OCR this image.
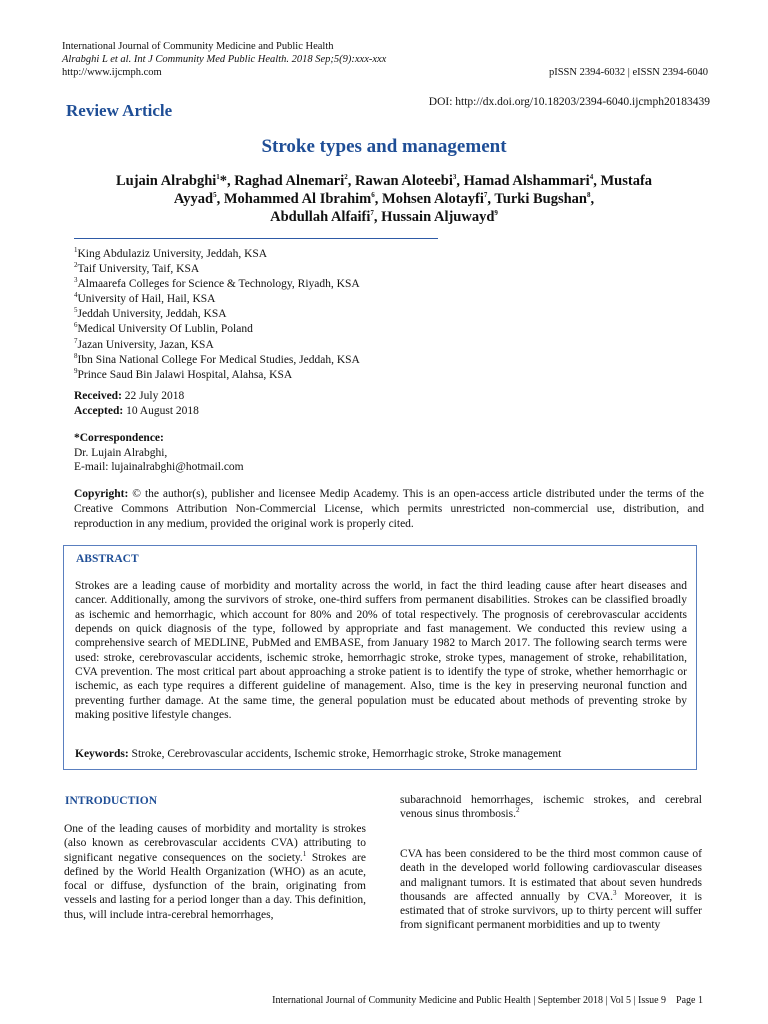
International Journal of Community Medicine and Public Health
Alrabghi L et al. Int J Community Med Public Health. 2018 Sep;5(9):xxx-xxx
http://www.ijcmph.com	pISSN 2394-6032 | eISSN 2394-6040
Review Article	DOI: http://dx.doi.org/10.18203/2394-6040.ijcmph20183439
Stroke types and management
Lujain Alrabghi$^1$*, Raghad Alnemari$^2$, Rawan Aloteebi$^3$, Hamad Alshammari$^4$, Mustafa
Ayyad$^5$, Mohammed Al Ibrahim$^6$, Mohsen Alotayfi$^7$, Turki Bugshan$^8$,
Abdullah Alfaifi$^7$, Hussain Aljuwayd$^9$
$^1$King Abdulaziz University, Jeddah, KSA
$^2$Taif University, Taif, KSA
$^3$Almaarefa Colleges for Science & Technology, Riyadh, KSA
$^4$University of Hail, Hail, KSA
$^5$Jeddah University, Jeddah, KSA
$^6$Medical University Of Lublin, Poland
$^7$Jazan University, Jazan, KSA
$^8$Ibn Sina National College For Medical Studies, Jeddah, KSA
$^9$Prince Saud Bin Jalawi Hospital, Alahsa, KSA
Received: 22 July 2018
Accepted: 10 August 2018
*Correspondence:
Dr. Lujain Alrabghi,
E-mail: lujainalrabghi@hotmail.com
Copyright: © the author(s), publisher and licensee Medip Academy. This is an open-access article distributed under the terms of the Creative Commons Attribution Non-Commercial License, which permits unrestricted non-commercial use, distribution, and reproduction in any medium, provided the original work is properly cited.
ABSTRACT
Strokes are a leading cause of morbidity and mortality across the world, in fact the third leading cause after heart diseases and cancer. Additionally, among the survivors of stroke, one-third suffers from permanent disabilities. Strokes can be classified broadly as ischemic and hemorrhagic, which account for 80% and 20% of total respectively. The prognosis of cerebrovascular accidents depends on quick diagnosis of the type, followed by appropriate and fast management. We conducted this review using a comprehensive search of MEDLINE, PubMed and EMBASE, from January 1982 to March 2017. The following search terms were used: stroke, cerebrovascular accidents, ischemic stroke, hemorrhagic stroke, stroke types, management of stroke, rehabilitation, CVA prevention. The most critical part about approaching a stroke patient is to identify the type of stroke, whether hemorrhagic or ischemic, as each type requires a different guideline of management. Also, time is the key in preserving neuronal function and preventing further damage. At the same time, the general population must be educated about methods of preventing stroke by making positive lifestyle changes.
Keywords: Stroke, Cerebrovascular accidents, Ischemic stroke, Hemorrhagic stroke, Stroke management
INTRODUCTION
One of the leading causes of morbidity and mortality is strokes (also known as cerebrovascular accidents CVA) attributing to significant negative consequences on the society.$^1$ Strokes are defined by the World Health Organization (WHO) as an acute, focal or diffuse, dysfunction of the brain, originating from vessels and lasting for a period longer than a day. This definition, thus, will include intra-cerebral hemorrhages,
subarachnoid hemorrhages, ischemic strokes, and cerebral venous sinus thrombosis.$^2$
CVA has been considered to be the third most common cause of death in the developed world following cardiovascular diseases and malignant tumors. It is estimated that about seven hundreds thousands are affected annually by CVA.$^3$ Moreover, it is estimated that of stroke survivors, up to thirty percent will suffer from significant permanent morbidities and up to twenty
International Journal of Community Medicine and Public Health | September 2018 | Vol 5 | Issue 9    Page 1
